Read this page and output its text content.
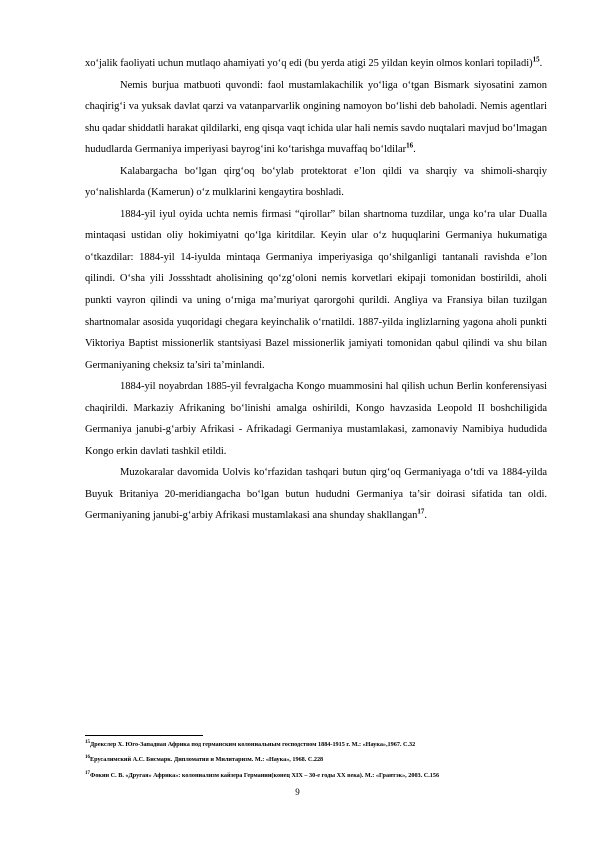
xo‘jalik faoliyati uchun mutlaqo ahamiyati yo‘q edi (bu yerda atigi 25 yildan keyin olmos konlari topiladi)$^{15}$.

Nemis burjua matbuoti quvondi: faol mustamlakachilik yo‘liga o‘tgan Bismark siyosatini zamon chaqirig‘i va yuksak davlat qarzi va vatanparvarlik ongining namoyon bo‘lishi deb baholadi. Nemis agentlari shu qadar shiddatli harakat qildilarki, eng qisqa vaqt ichida ular hali nemis savdo nuqtalari mavjud bo‘lmagan hududlarda Germaniya imperiyasi bayrog‘ini ko‘tarishga muvaffaq bo‘ldilar$^{16}$.

Kalabargacha bo‘lgan qirg‘oq bo‘ylab protektorat e’lon qildi va sharqiy va shimoli-sharqiy yo‘nalishlarda (Kamerun) o‘z mulklarini kengaytira boshladi.

1884-yil iyul oyida uchta nemis firmasi “qirollar” bilan shartnoma tuzdilar, unga ko‘ra ular Dualla mintaqasi ustidan oliy hokimiyatni qo‘lga kiritdilar. Keyin ular o‘z huquqlarini Germaniya hukumatiga o‘tkazdilar: 1884-yil 14-iyulda mintaqa Germaniya imperiyasiga qo‘shilganligi tantanali ravishda e’lon qilindi. O‘sha yili Jossshtadt aholisining qo‘zg‘oloni nemis korvetlari ekipaji tomonidan bostirildi, aholi punkti vayron qilindi va uning o‘rniga ma’muriyat qarorgohi qurildi. Angliya va Fransiya bilan tuzilgan shartnomalar asosida yuqoridagi chegara keyinchalik o‘rnatildi. 1887-yilda inglizlarning yagona aholi punkti Viktoriya Baptist missionerlik stantsiyasi Bazel missionerlik jamiyati tomonidan qabul qilindi va shu bilan Germaniyaning cheksiz ta’siri ta’minlandi.

1884-yil noyabrdan 1885-yil fevralgacha Kongo muammosini hal qilish uchun Berlin konferensiyasi chaqirildi. Markaziy Afrikaning bo‘linishi amalga oshirildi, Kongo havzasida Leopold II boshchiligida Germaniya janubi-g‘arbiy Afrikasi - Afrikadagi Germaniya mustamlakasi, zamonaviy Namibiya hududida Kongo erkin davlati tashkil etildi.

Muzokaralar davomida Uolvis ko‘rfazidan tashqari butun qirg‘oq Germaniyaga o‘tdi va 1884-yilda Buyuk Britaniya 20-meridiangacha bo‘lgan butun hududni Germaniya ta’sir doirasi sifatida tan oldi. Germaniyaning janubi-g‘arbiy Afrikasi mustamlakasi ana shunday shakllangan$^{17}$.

$^{15}$Дрекслер Х. Юго-Западная Африка под германским колониальным господством 1884-1915 г. М.: «Наука»,1967. С.32

$^{16}$Ерусалимский А.С. Бисмарк. Дипломатия и Милитаризм. М.: «Наука», 1968. С.228

$^{17}$Фокин С. В. «Другая» Африка»: колониализм кайзера Германии(конец XIX – 30-е годы XX века). М.: «Грантэк», 2003. С.156

9
